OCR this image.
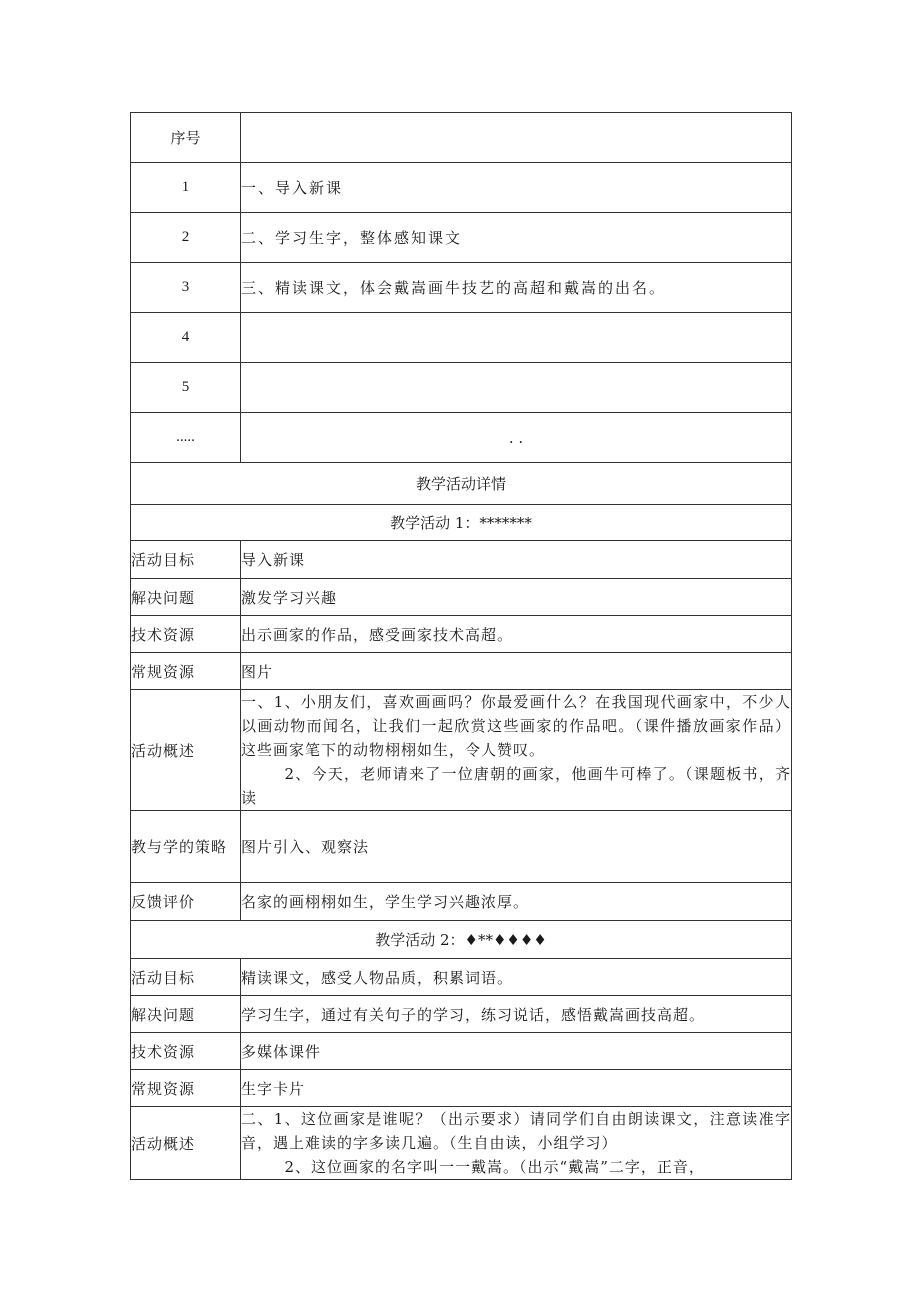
序号	
1	一、导入新课
2	二、学习生字，整体感知课文
3	三、精读课文，体会戴嵩画牛技艺的高超和戴嵩的出名。
4	
5	
.....	. .
教学活动详情	
教学活动 1：*******	
活动目标	导入新课
解决问题	激发学习兴趣
技术资源	出示画家的作品，感受画家技术高超。
常规资源	图片
活动概述	一、1、小朋友们，喜欢画画吗？你最爱画什么？在我国现代画家中，不少人以画动物而闻名，让我们一起欣赏这些画家的作品吧。（课件播放画家作品）这些画家笔下的动物栩栩如生，令人赞叹。
2、今天，老师请来了一位唐朝的画家，他画牛可棒了。（课题板书，齐读

教与学的策略	图片引入、观察法
反馈评价	名家的画栩栩如生，学生学习兴趣浓厚。
教学活动 2：♦**♦♦♦♦	
活动目标	精读课文，感受人物品质，积累词语。
解决问题	学习生字，通过有关句子的学习，练习说话，感悟戴嵩画技高超。
技术资源	多媒体课件
常规资源	生字卡片
活动概述	二、1、这位画家是谁呢？（出示要求）请同学们自由朗读课文，注意读准字音，遇上难读的字多读几遍。（生自由读，小组学习）
2、这位画家的名字叫一一戴嵩。（出示“戴嵩”二字，正音，
